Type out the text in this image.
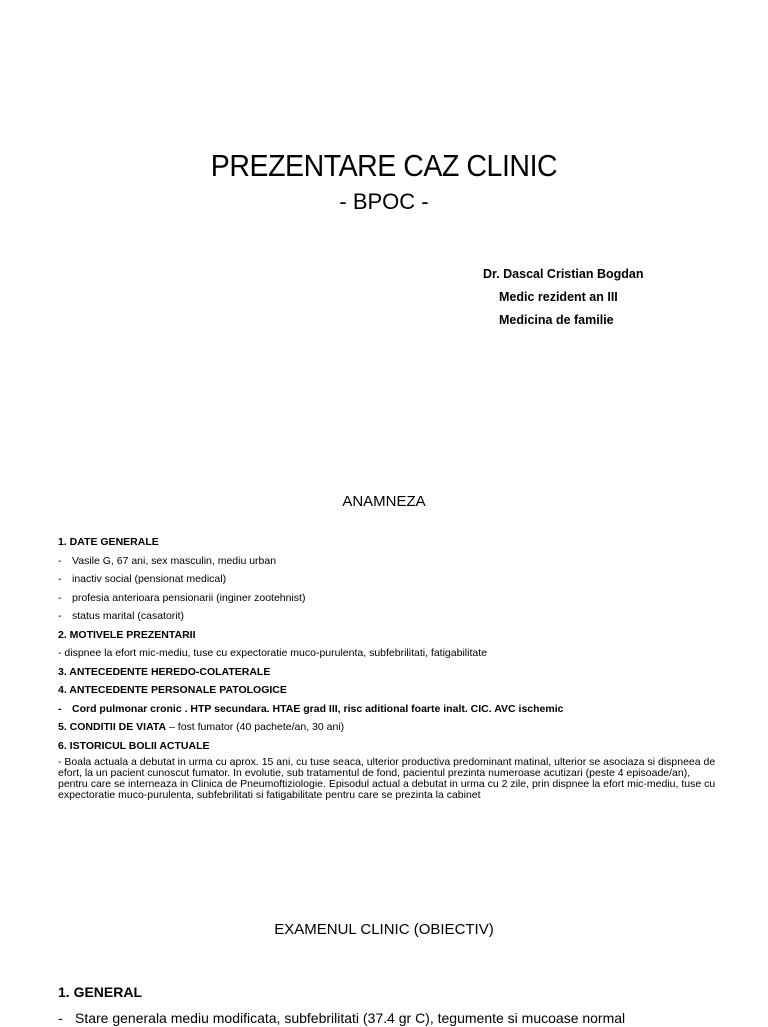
PREZENTARE CAZ CLINIC
- BPOC -
Dr. Dascal Cristian Bogdan
Medic rezident an III
Medicina de familie
ANAMNEZA
1. DATE GENERALE
- Vasile G, 67 ani, sex masculin, mediu urban
- inactiv social (pensionat medical)
- profesia anterioara pensionarii (inginer zootehnist)
- status marital (casatorit)
2. MOTIVELE PREZENTARII
- dispnee la efort mic-mediu, tuse cu expectoratie muco-purulenta, subfebrilitati, fatigabilitate
3. ANTECEDENTE HEREDO-COLATERALE
4. ANTECEDENTE PERSONALE PATOLOGICE
- Cord pulmonar cronic . HTP secundara. HTAE grad III, risc aditional foarte inalt. CIC. AVC ischemic
5. CONDITII DE VIATA – fost fumator (40 pachete/an, 30 ani)
6. ISTORICUL BOLII ACTUALE
- Boala actuala a debutat in urma cu aprox. 15 ani, cu tuse seaca, ulterior productiva predominant matinal, ulterior se asociaza si dispneea de efort, la un pacient cunoscut fumator. In evolutie, sub tratamentul de fond, pacientul prezinta numeroase acutizari (peste 4 episoade/an), pentru care se interneaza in Clinica de Pneumoftiziologie. Episodul actual a debutat in urma cu 2 zile, prin dispnee la efort mic-mediu, tuse cu expectoratie muco-purulenta, subfebrilitati si fatigabilitate pentru care se prezinta la cabinet
EXAMENUL CLINIC (OBIECTIV)
1. GENERAL
- Stare generala mediu modificata, subfebrilitati (37.4 gr C), tegumente si mucoase normal
